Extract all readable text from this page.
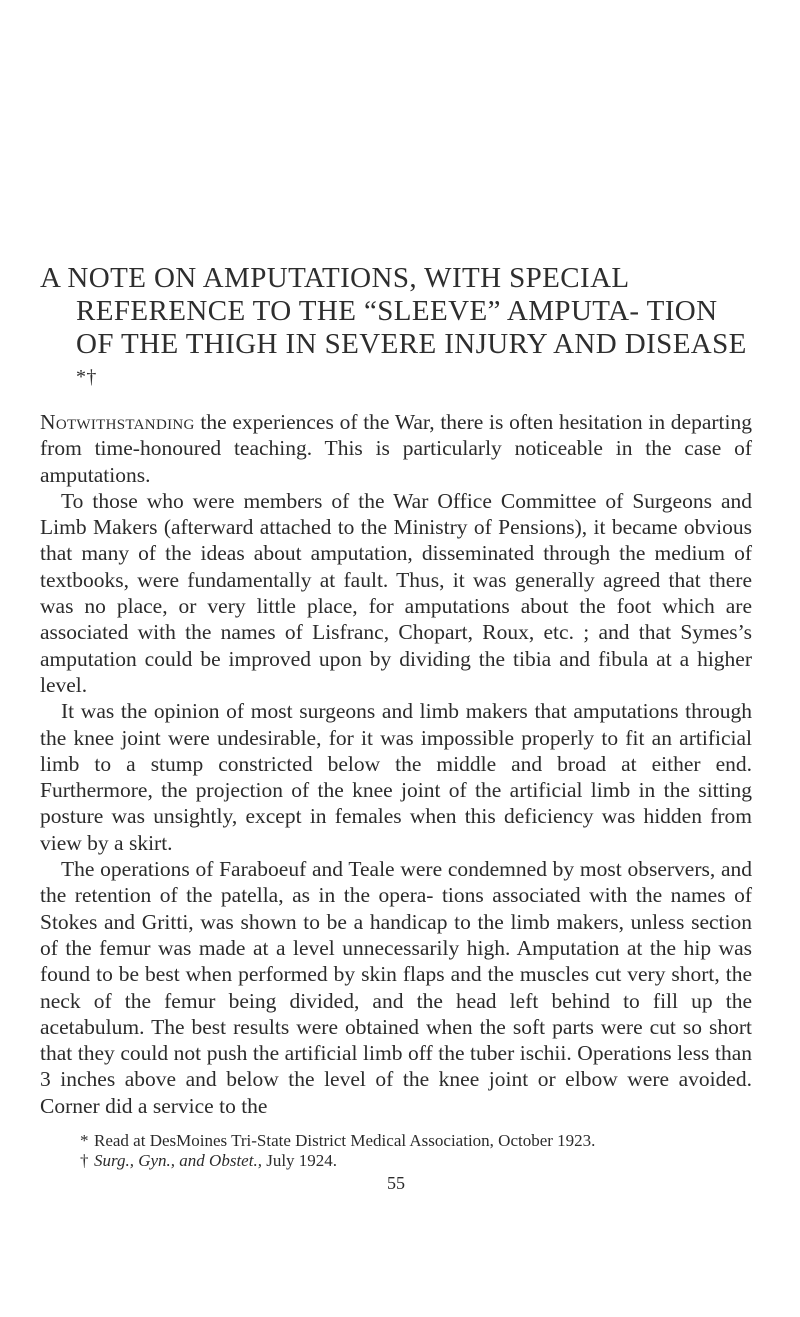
A NOTE ON AMPUTATIONS, WITH SPECIAL REFERENCE TO THE “SLEEVE” AMPUTA- TION OF THE THIGH IN SEVERE INJURY AND DISEASE *†

Notwithstanding the experiences of the War, there is often hesitation in departing from time-honoured teaching. This is particularly noticeable in the case of amputations.

To those who were members of the War Office Committee of Surgeons and Limb Makers (afterward attached to the Ministry of Pensions), it became obvious that many of the ideas about amputation, disseminated through the medium of textbooks, were fundamentally at fault. Thus, it was generally agreed that there was no place, or very little place, for amputations about the foot which are associated with the names of Lisfranc, Chopart, Roux, etc. ; and that Symes’s amputation could be improved upon by dividing the tibia and fibula at a higher level.

It was the opinion of most surgeons and limb makers that amputations through the knee joint were undesirable, for it was impossible properly to fit an artificial limb to a stump constricted below the middle and broad at either end. Furthermore, the projection of the knee joint of the artificial limb in the sitting posture was unsightly, except in females when this deficiency was hidden from view by a skirt.

The operations of Faraboeuf and Teale were condemned by most observers, and the retention of the patella, as in the opera- tions associated with the names of Stokes and Gritti, was shown to be a handicap to the limb makers, unless section of the femur was made at a level unnecessarily high. Amputation at the hip was found to be best when performed by skin flaps and the muscles cut very short, the neck of the femur being divided, and the head left behind to fill up the acetabulum. The best results were obtained when the soft parts were cut so short that they could not push the artificial limb off the tuber ischii. Operations less than 3 inches above and below the level of the knee joint or elbow were avoided. Corner did a service to the

* Read at DesMoines Tri-State District Medical Association, October 1923.

† Surg., Gyn., and Obstet., July 1924.

55
